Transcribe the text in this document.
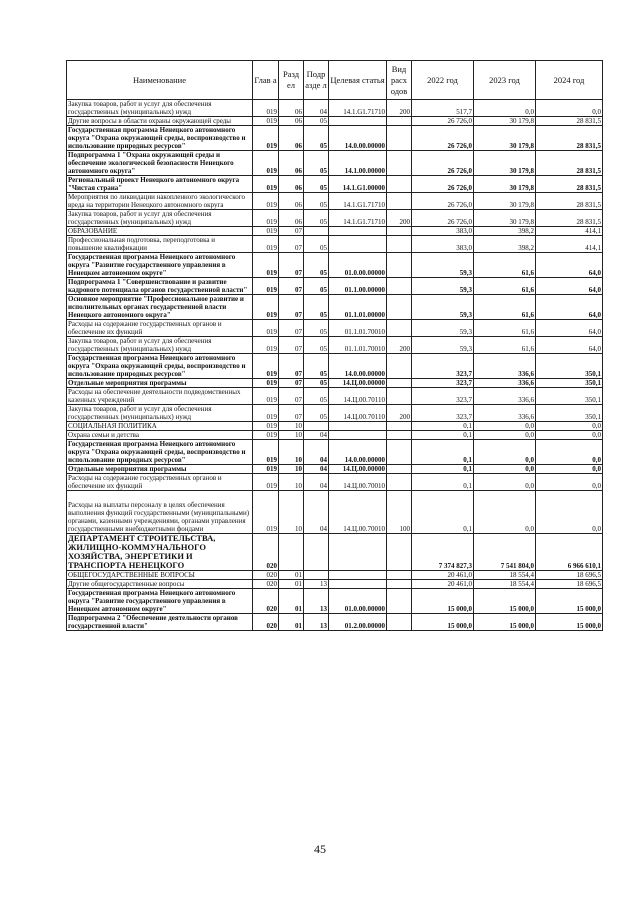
Наименование	Глав а	Разд ел	Подр азде л	Целевая статья	Вид расх одов	2022 год	2023 год	2024 год
Закупка товаров, работ и услуг для обеспечения государственных (муниципальных) нужд	019	06	04	14.1.G1.71710	200	517,7	0,0	0,0
Другие вопросы в области охраны окружающей среды	019	06	05			26 726,0	30 179,8	28 831,5
Государственная программа Ненецкого автономного округа "Охрана окружающей среды, воспроизводство и использование природных ресурсов"	019	06	05	14.0.00.00000		26 726,0	30 179,8	28 831,5
Подпрограмма 1 "Охрана окружающей среды и обеспечение экологической безопасности Ненецкого автономного округа"	019	06	05	14.1.00.00000		26 726,0	30 179,8	28 831,5
Региональный проект Ненецкого автономного округа "Чистая страна"	019	06	05	14.1.G1.00000		26 726,0	30 179,8	28 831,5
Мероприятия по ликвидации накопленного экологического вреда на территории Ненецкого автономного округа	019	06	05	14.1.G1.71710		26 726,0	30 179,8	28 831,5
Закупка товаров, работ и услуг для обеспечения государственных (муниципальных) нужд	019	06	05	14.1.G1.71710	200	26 726,0	30 179,8	28 831,5
ОБРАЗОВАНИЕ	019	07				383,0	398,2	414,1
Профессиональная подготовка, переподготовка и повышение квалификации	019	07	05			383,0	398,2	414,1
Государственная программа Ненецкого автономного округа "Развитие государственного управления в Ненецком автономном округе"	019	07	05	01.0.00.00000		59,3	61,6	64,0
Подпрограмма 1 "Совершенствование и развитие кадрового потенциала органов государственной власти"	019	07	05	01.1.00.00000		59,3	61,6	64,0
Основное мероприятие "Профессиональное развитие и исполнительных органах государственной власти Ненецкого автономного округа"	019	07	05	01.1.01.00000		59,3	61,6	64,0
Расходы на содержание государственных органов и обеспечение их функций	019	07	05	01.1.01.70010		59,3	61,6	64,0
Закупка товаров, работ и услуг для обеспечения государственных (муниципальных) нужд	019	07	05	01.1.01.70010	200	59,3	61,6	64,0
Государственная программа Ненецкого автономного округа "Охрана окружающей среды, воспроизводство и использование природных ресурсов"	019	07	05	14.0.00.00000		323,7	336,6	350,1
Отдельные мероприятия программы	019	07	05	14.Ц.00.00000		323,7	336,6	350,1
Расходы на обеспечение деятельности подведомственных казенных учреждений	019	07	05	14.Ц.00.70110		323,7	336,6	350,1
Закупка товаров, работ и услуг для обеспечения государственных (муниципальных) нужд	019	07	05	14.Ц.00.70110	200	323,7	336,6	350,1
СОЦИАЛЬНАЯ ПОЛИТИКА	019	10				0,1	0,0	0,0
Охрана семьи и детства	019	10	04			0,1	0,0	0,0
Государственная программа Ненецкого автономного округа "Охрана окружающей среды, воспроизводство и использование природных ресурсов"	019	10	04	14.0.00.00000		0,1	0,0	0,0
Отдельные мероприятия программы	019	10	04	14.Ц.00.00000		0,1	0,0	0,0
Расходы на содержание государственных органов и обеспечение их функций	019	10	04	14.Ц.00.70010		0,1	0,0	0,0
Расходы на выплаты персоналу в целях обеспечения выполнения функций государственными (муниципальными) органами, казенными учреждениями, органами управления государственными внебюджетными фондами	019	10	04	14.Ц.00.70010	100	0,1	0,0	0,0
ДЕПАРТАМЕНТ СТРОИТЕЛЬСТВА, ЖИЛИЩНО-КОММУНАЛЬНОГО ХОЗЯЙСТВА, ЭНЕРГЕТИКИ И ТРАНСПОРТА НЕНЕЦКОГО	020					7 374 827,3	7 541 804,0	6 966 610,1
ОБЩЕГОСУДАРСТВЕННЫЕ ВОПРОСЫ	020	01				20 461,0	18 554,4	18 696,5
Другие общегосударственные вопросы	020	01	13			20 461,0	18 554,4	18 696,5
Государственная программа Ненецкого автономного округа "Развитие государственного управления в Ненецком автономном округе"	020	01	13	01.0.00.00000		15 000,0	15 000,0	15 000,0
Подпрограмма 2 "Обеспечение деятельности органов государственной власти"	020	01	13	01.2.00.00000		15 000,0	15 000,0	15 000,0
45
